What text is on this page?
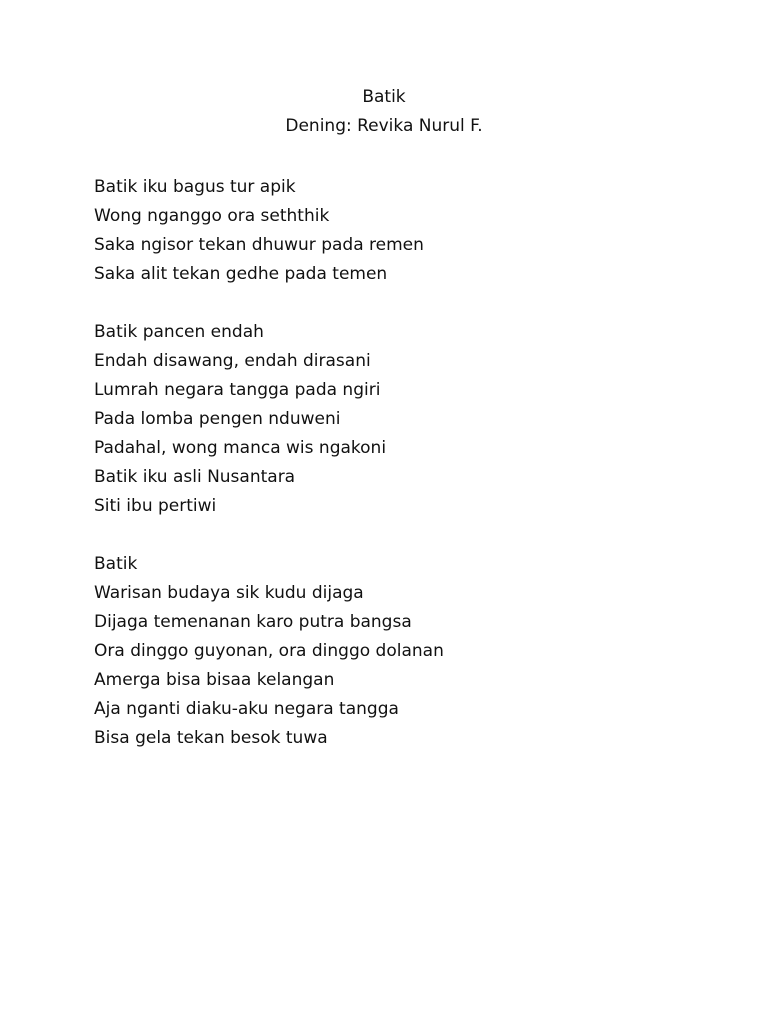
Batik
Dening: Revika Nurul F.
Batik iku bagus tur apik
Wong nganggo ora seththik
Saka ngisor tekan dhuwur pada remen
Saka alit tekan gedhe pada temen
Batik pancen endah
Endah disawang, endah dirasani
Lumrah negara tangga pada ngiri
Pada lomba pengen nduweni
Padahal, wong manca wis ngakoni
Batik iku asli Nusantara
Siti ibu pertiwi
Batik
Warisan budaya sik kudu dijaga
Dijaga temenanan karo putra bangsa
Ora dinggo guyonan, ora dinggo dolanan
Amerga bisa bisaa kelangan
Aja nganti diaku-aku negara tangga
Bisa gela tekan besok tuwa
